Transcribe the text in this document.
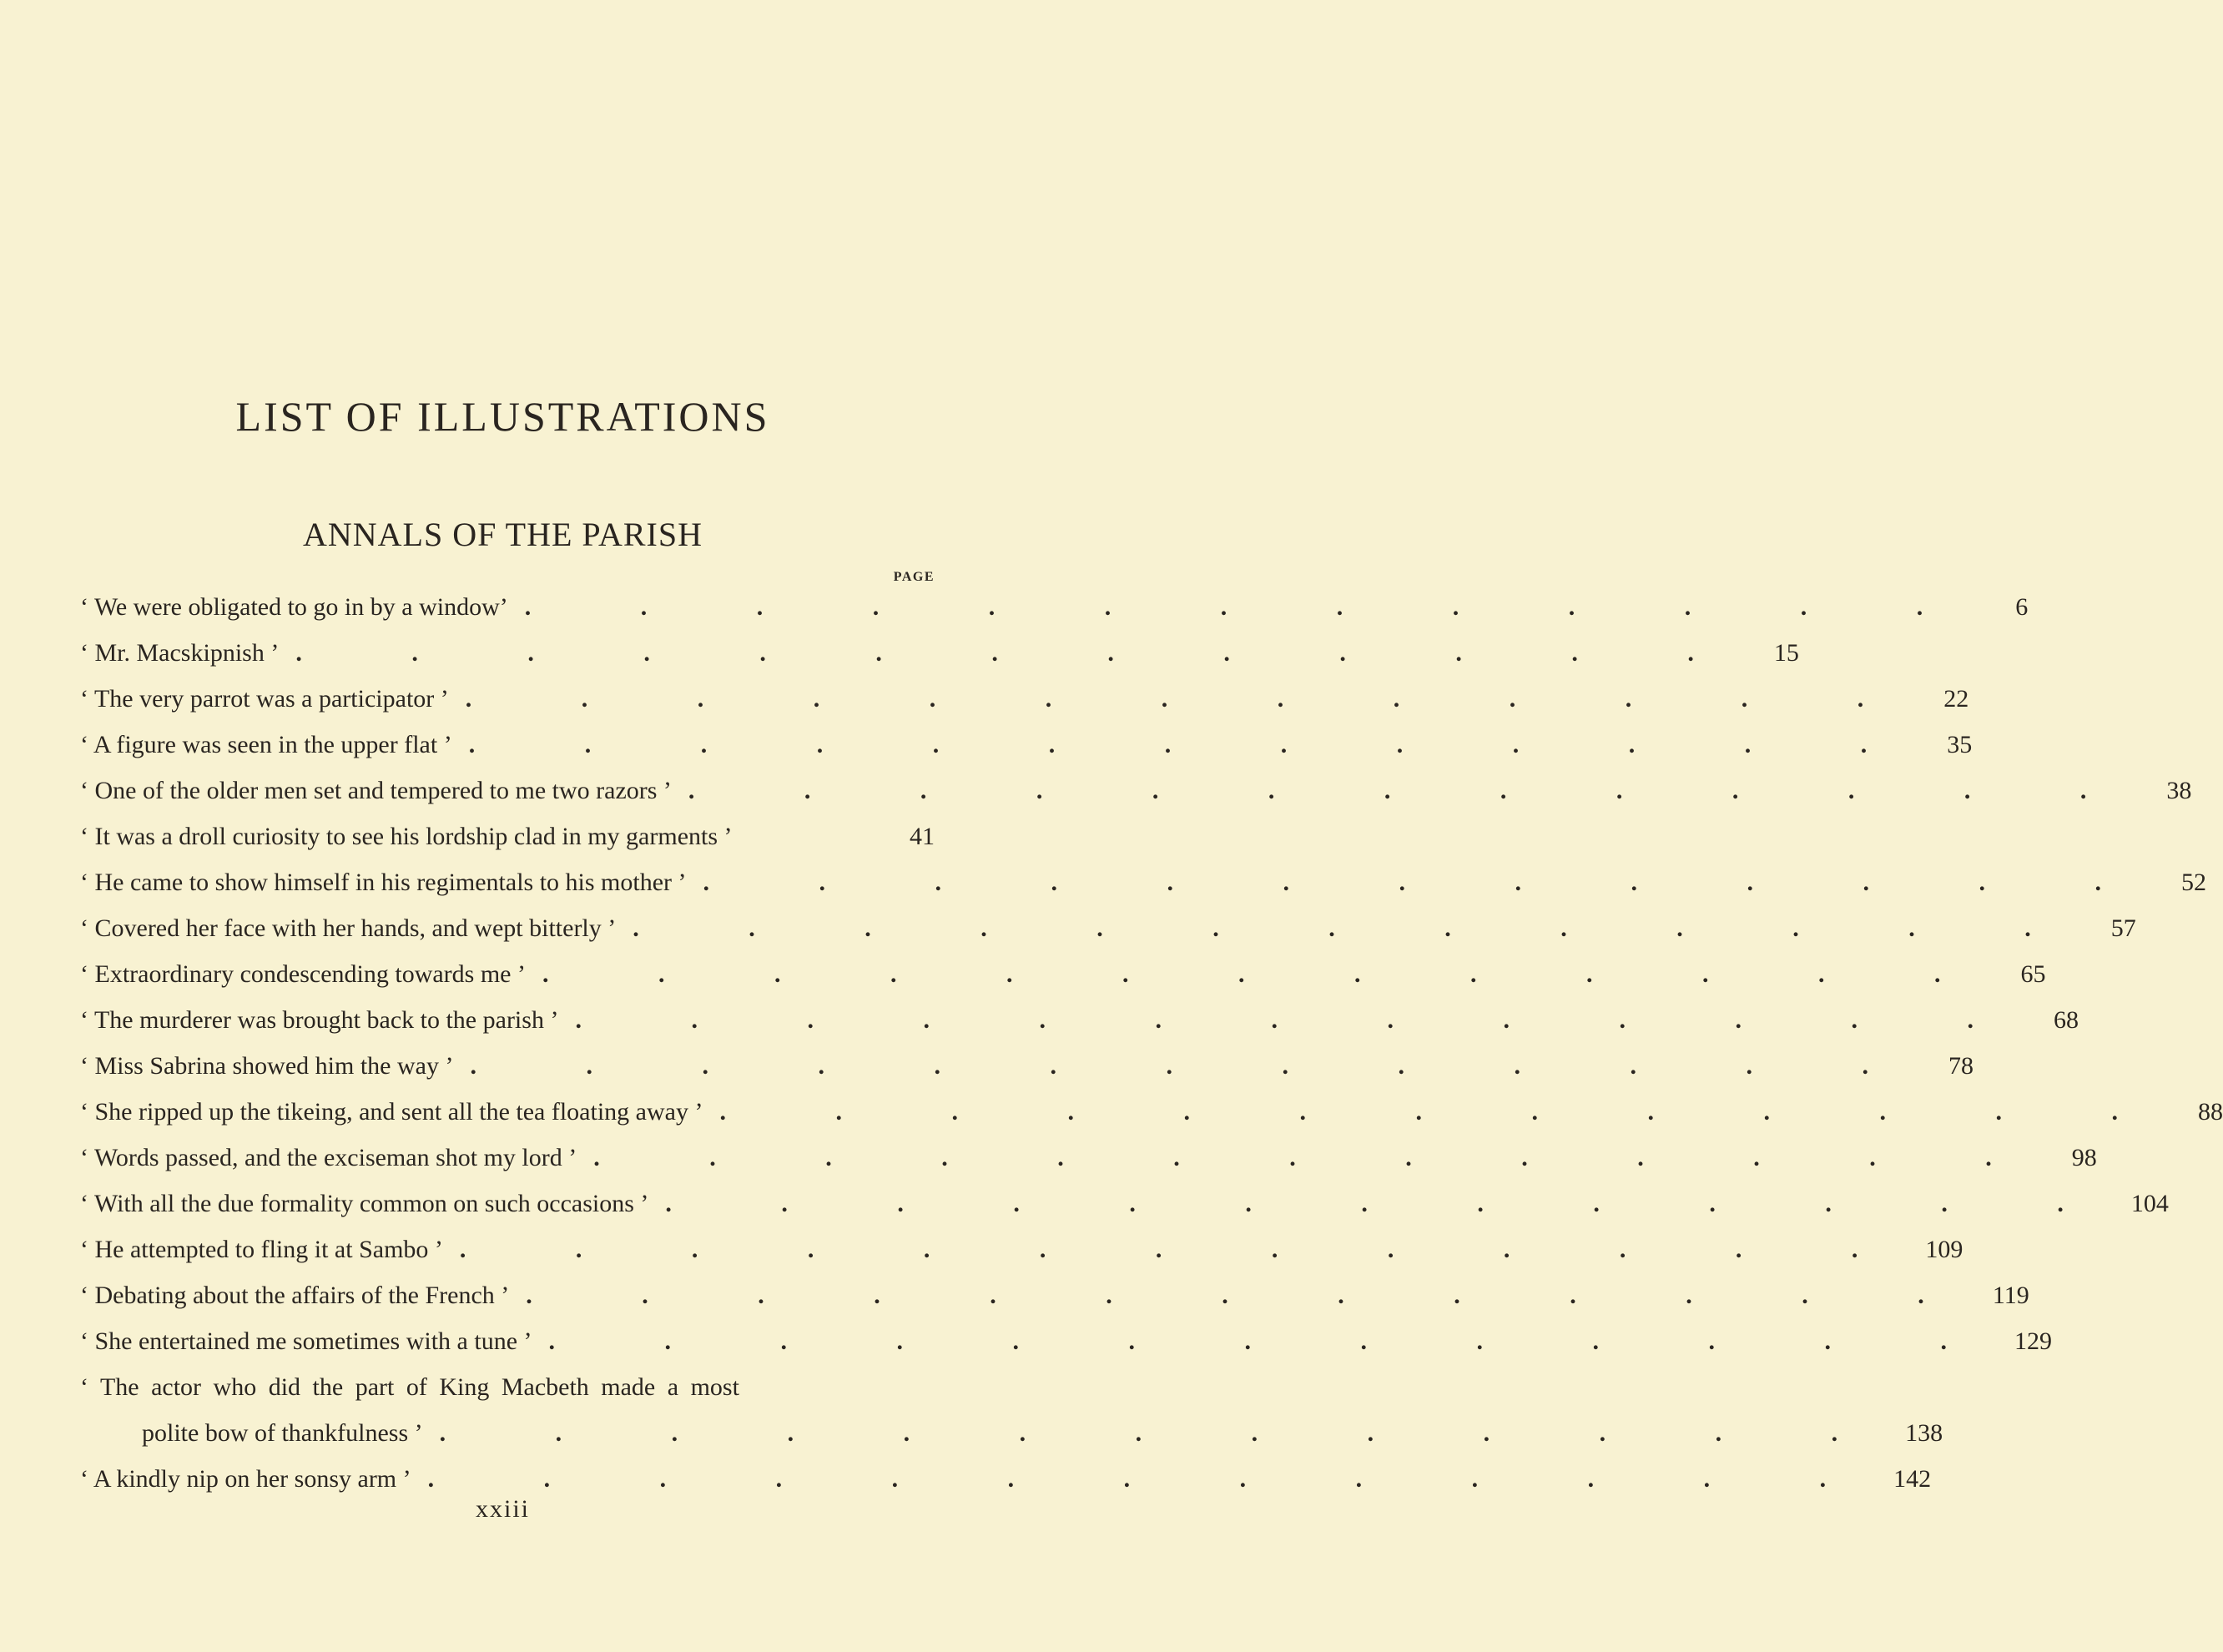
LIST OF ILLUSTRATIONS
ANNALS OF THE PARISH
PAGE
‘ We were obligated to go in by a window’ . . . . . . . . . . . . .	6
‘ Mr. Macskipnish ’ . . . . . . . . . . . . .	15
‘ The very parrot was a participator ’ . . . . . . . . . . . . .	22
‘ A figure was seen in the upper flat ’ . . . . . . . . . . . . .	35
‘ One of the older men set and tempered to me two razors ’ . . . . . . . . . . . . .	38
‘ It was a droll curiosity to see his lordship clad in my garments ’	41
‘ He came to show himself in his regimentals to his mother ’ . . . . . . . . . . . . .	52
‘ Covered her face with her hands, and wept bitterly ’ . . . . . . . . . . . . .	57
‘ Extraordinary condescending towards me ’ . . . . . . . . . . . . .	65
‘ The murderer was brought back to the parish ’ . . . . . . . . . . . . .	68
‘ Miss Sabrina showed him the way ’ . . . . . . . . . . . . .	78
‘ She ripped up the tikeing, and sent all the tea floating away ’ . . . . . . . . . . . . .	88
‘ Words passed, and the exciseman shot my lord ’ . . . . . . . . . . . . .	98
‘ With all the due formality common on such occasions ’ . . . . . . . . . . . . . 104
‘ He attempted to fling it at Sambo ’ . . . . . . . . . . . . . 109
‘ Debating about the affairs of the French ’ . . . . . . . . . . . . . 119
‘ She entertained me sometimes with a tune ’ . . . . . . . . . . . . . 129
‘ The actor who did the part of King Macbeth made a most
polite bow of thankfulness ’ . . . . . . . . . . . . . 138
‘ A kindly nip on her sonsy arm ’ . . . . . . . . . . . . . 142
xxiii
